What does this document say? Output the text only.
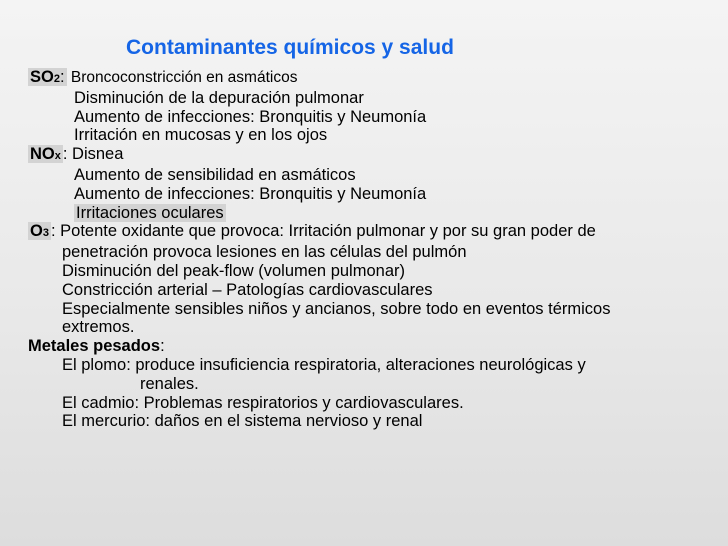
Contaminantes químicos y salud
SO2: Broncoconstricción en asmáticos
Disminución de la depuración pulmonar
Aumento de infecciones: Bronquitis y Neumonía
Irritación en mucosas y en los ojos
NOx : Disnea
Aumento de sensibilidad en asmáticos
Aumento de infecciones: Bronquitis y Neumonía
Irritaciones oculares
O3 : Potente oxidante que provoca: Irritación pulmonar y por su gran poder de
penetración provoca lesiones en las células del pulmón
Disminución del peak-flow (volumen pulmonar)
Constricción arterial – Patologías cardiovasculares
Especialmente sensibles niños y ancianos, sobre todo en eventos térmicos
extremos.
Metales pesados:
El plomo: produce insuficiencia respiratoria, alteraciones neurológicas y
renales.
El cadmio: Problemas respiratorios y cardiovasculares.
El mercurio: daños en el sistema nervioso y renal
